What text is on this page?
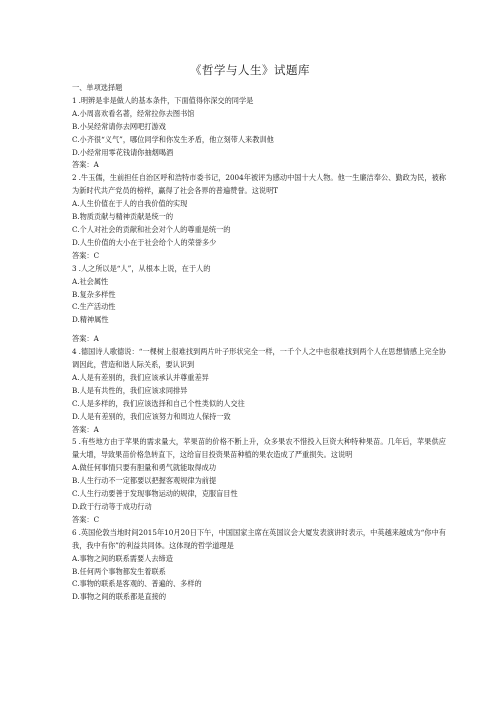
《哲学与人生》试题库
一、单项选择题
1 .明辨是非是做人的基本条件，下面值得你深交的同学是
A.小周喜欢看名著，经常拉你去图书馆
B.小吴经常请你去网吧打游戏
C.小齐很“义气”，哪位同学和你发生矛盾，他立刻带人来教训他
D.小经常用零花钱请你抽烟喝酒
答案：A
2 .牛玉儒，生前担任自治区呼和浩特市委书记，2004年被评为感动中国十大人物。他一生廉洁奉公、勤政为民，被称为新时代共产党员的榜样，赢得了社会各界的普遍赞誉。这说明T
A.人生价值在于人的自我价值的实现
B.物质贡献与精神贡献是统一的
C.个人对社会的贡献和社会对个人的尊重是统一的
D.人生价值的大小在于社会给个人的荣誉多少
答案：C
3 .人之所以是“人”，从根本上说，在于人的
A.社会属性
B.复杂多样性
C.生产活动性
D.精神属性
答案：A
4 .德国诗人歌德说：“一棵树上很难找到两片叶子形状完全一样，一千个人之中也很难找到两个人在思想情感上完全协调因此，营造和谐人际关系，要认识到
A.人是有差别的，我们应该承认并尊重差异
B.人是有共性的，我们应该求同排异
C.人是多样的，我们应该选择和自己个性类似的人交往
D.人是有差别的，我们应该努力和周边人保持一致
答案：A
5 .有些地方由于苹果的需求量大，苹果苗的价格不断上升，众多果农不惜投入巨资大种特种果苗。几年后，苹果供应量大增，导致果苗价格急转直下，这给盲目投资果苗种植的果农造成了严重损失。这说明
A.做任何事情只要有胆量和勇气就能取得成功
B.人生行动不一定都要以把握客观规律为前提
C.人生行动要善于发现事物运动的规律，克服盲目性
D.政于行动等于成功行动
答案：C
6 .英国伦敦当地时间2015年10月20日下午，中国国家主席在英国议会大厦发表演讲时表示，中英越来越成为“你中有我，我中有你”的利益共同体。这体现的哲学道理是
A.事物之间的联系需要人去缔造
B.任何两个事物都发生着联系
C.事物的联系是客观的、普遍的、多样的
D.事物之间的联系都是直接的
